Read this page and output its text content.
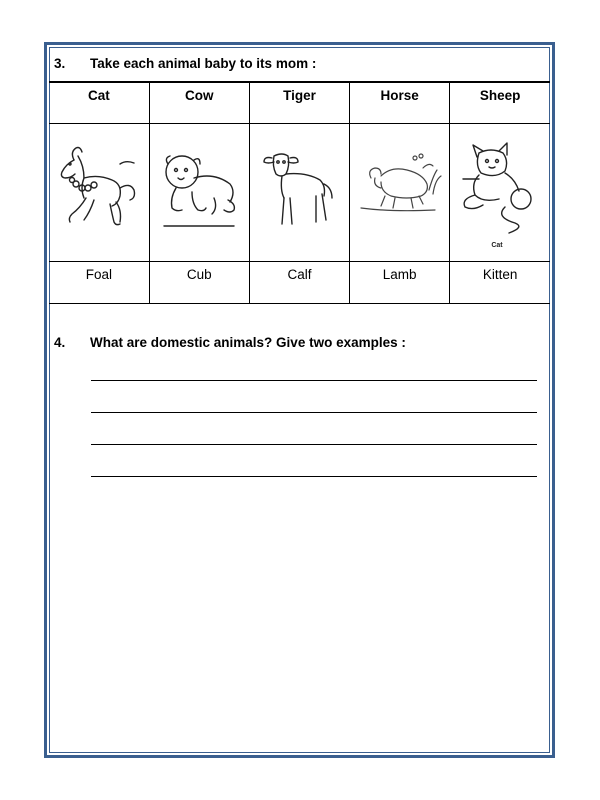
3. Take each animal baby to its mom :
Cat	Cow	Tiger	Horse	Sheep

Cat

Foal	Cub	Calf	Lamb	Kitten
4. What are domestic animals? Give two examples :
